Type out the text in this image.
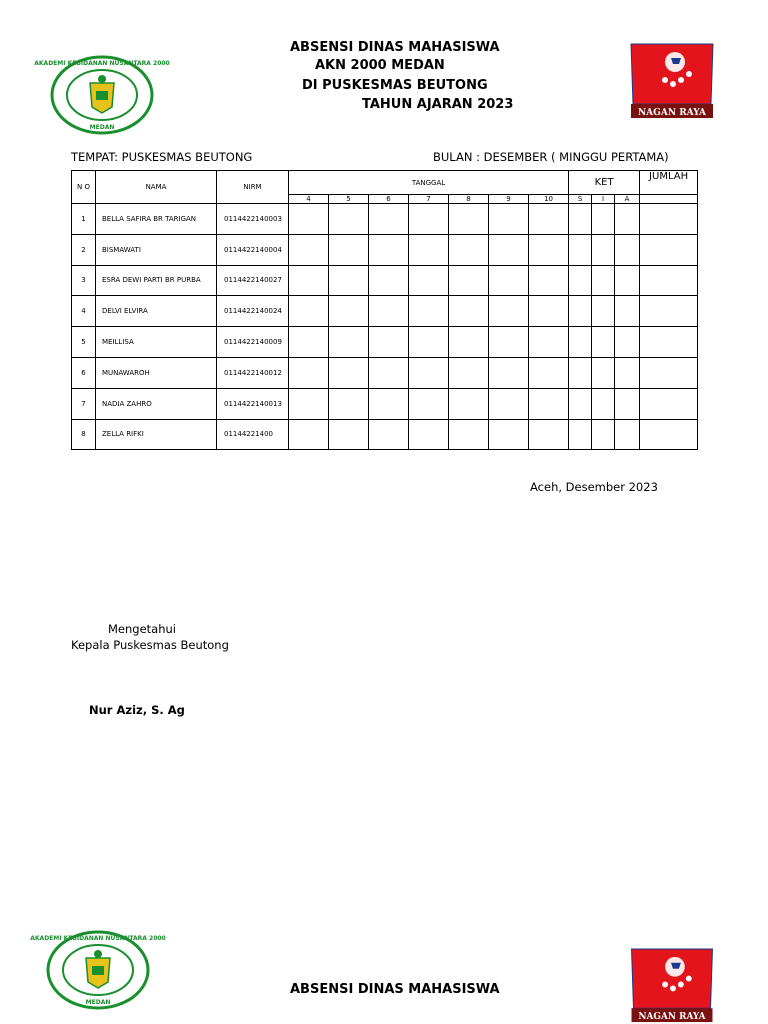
AKADEMI KEBIDANAN NUSANTARA 2000
MEDAN
NAGAN RAYA
ABSENSI DINAS MAHASISWA
AKN 2000 MEDAN
DI PUSKESMAS BEUTONG
TAHUN AJARAN 2023
TEMPAT: PUSKESMAS BEUTONG	BULAN : DESEMBER ( MINGGU PERTAMA)
N O	NAMA	NIRM	TANGGAL							KET			JUMLAH
			4	5	6	7	8	9	10	S	I	A	
1	BELLA SAFIRA BR TARIGAN	0114422140003											
2	BISMAWATI	0114422140004											
3	ESRA DEWI PARTI BR PURBA	0114422140027											
4	DELVI ELVIRA	0114422140024											
5	MEILLISA	0114422140009											
6	MUNAWAROH	0114422140012											
7	NADIA ZAHRO	0114422140013											
8	ZELLA RIFKI	01144221400											
Aceh, Desember 2023
Mengetahui
Kepala Puskesmas Beutong
Nur Aziz, S. Ag
AKADEMI KEBIDANAN NUSANTARA 2000
MEDAN
ABSENSI DINAS MAHASISWA
NAGAN RAYA
